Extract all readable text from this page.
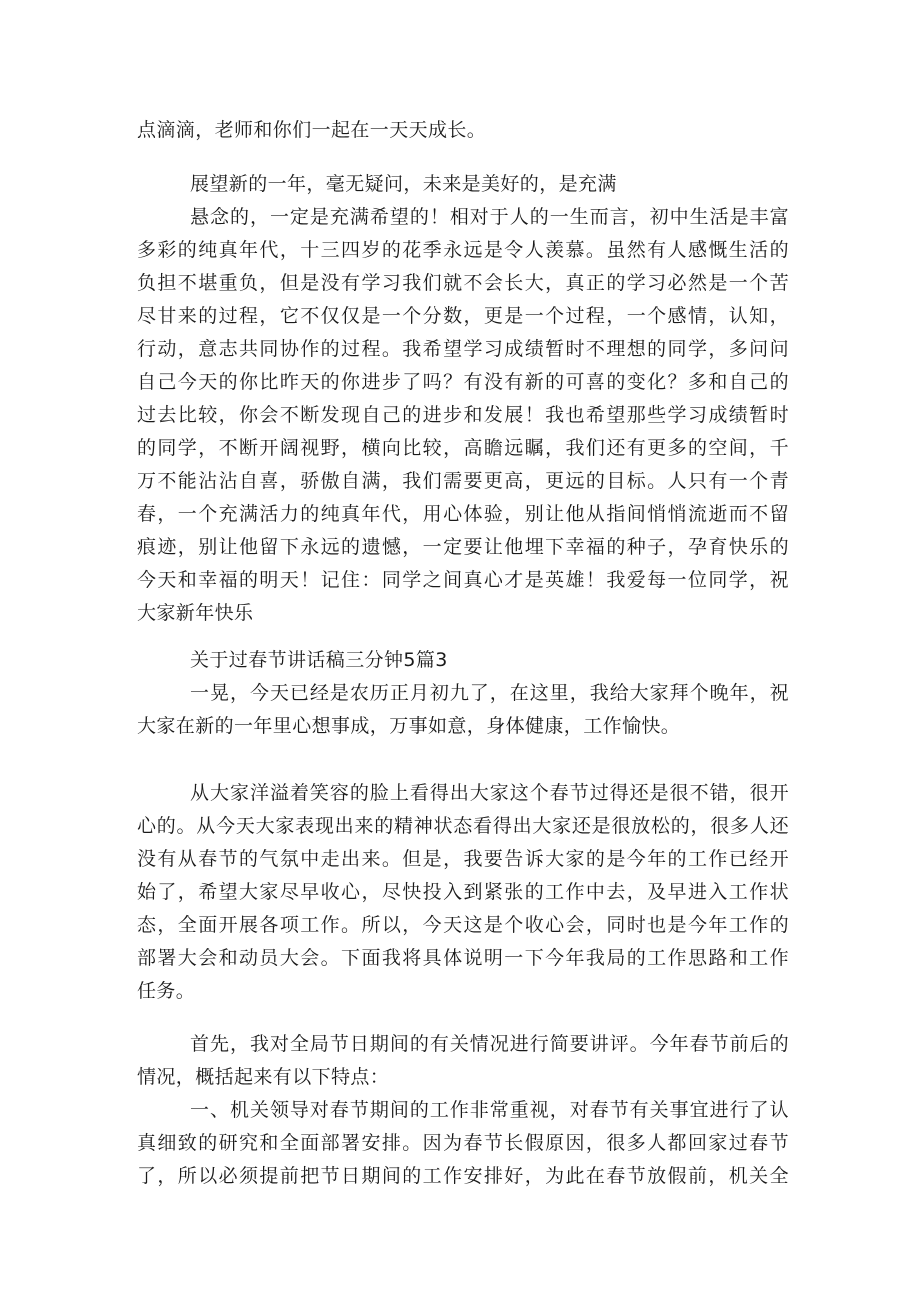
点滴滴，老师和你们一起在一天天成长。
展望新的一年，毫无疑问，未来是美好的，是充满
悬念的，一定是充满希望的！相对于人的一生而言，初中生活是丰富
多彩的纯真年代，十三四岁的花季永远是令人羡慕。虽然有人感慨生活的
负担不堪重负，但是没有学习我们就不会长大，真正的学习必然是一个苦
尽甘来的过程，它不仅仅是一个分数，更是一个过程，一个感情，认知，
行动，意志共同协作的过程。我希望学习成绩暂时不理想的同学，多问问
自己今天的你比昨天的你进步了吗？有没有新的可喜的变化？多和自己的
过去比较，你会不断发现自己的进步和发展！我也希望那些学习成绩暂时
的同学，不断开阔视野，横向比较，高瞻远瞩，我们还有更多的空间，千
万不能沾沾自喜，骄傲自满，我们需要更高，更远的目标。人只有一个青
春，一个充满活力的纯真年代，用心体验，别让他从指间悄悄流逝而不留
痕迹，别让他留下永远的遗憾，一定要让他埋下幸福的种子，孕育快乐的
今天和幸福的明天！记住：同学之间真心才是英雄！我爱每一位同学，祝
大家新年快乐
关于过春节讲话稿三分钟5篇3
一晃，今天已经是农历正月初九了，在这里，我给大家拜个晚年，祝
大家在新的一年里心想事成，万事如意，身体健康，工作愉快。
从大家洋溢着笑容的脸上看得出大家这个春节过得还是很不错，很开
心的。从今天大家表现出来的精神状态看得出大家还是很放松的，很多人还
没有从春节的气氛中走出来。但是，我要告诉大家的是今年的工作已经开
始了，希望大家尽早收心，尽快投入到紧张的工作中去，及早进入工作状
态，全面开展各项工作。所以，今天这是个收心会，同时也是今年工作的
部署大会和动员大会。下面我将具体说明一下今年我局的工作思路和工作
任务。
首先，我对全局节日期间的有关情况进行简要讲评。今年春节前后的
情况，概括起来有以下特点：
一、机关领导对春节期间的工作非常重视，对春节有关事宜进行了认
真细致的研究和全面部署安排。因为春节长假原因，很多人都回家过春节
了，所以必须提前把节日期间的工作安排好，为此在春节放假前，机关全
